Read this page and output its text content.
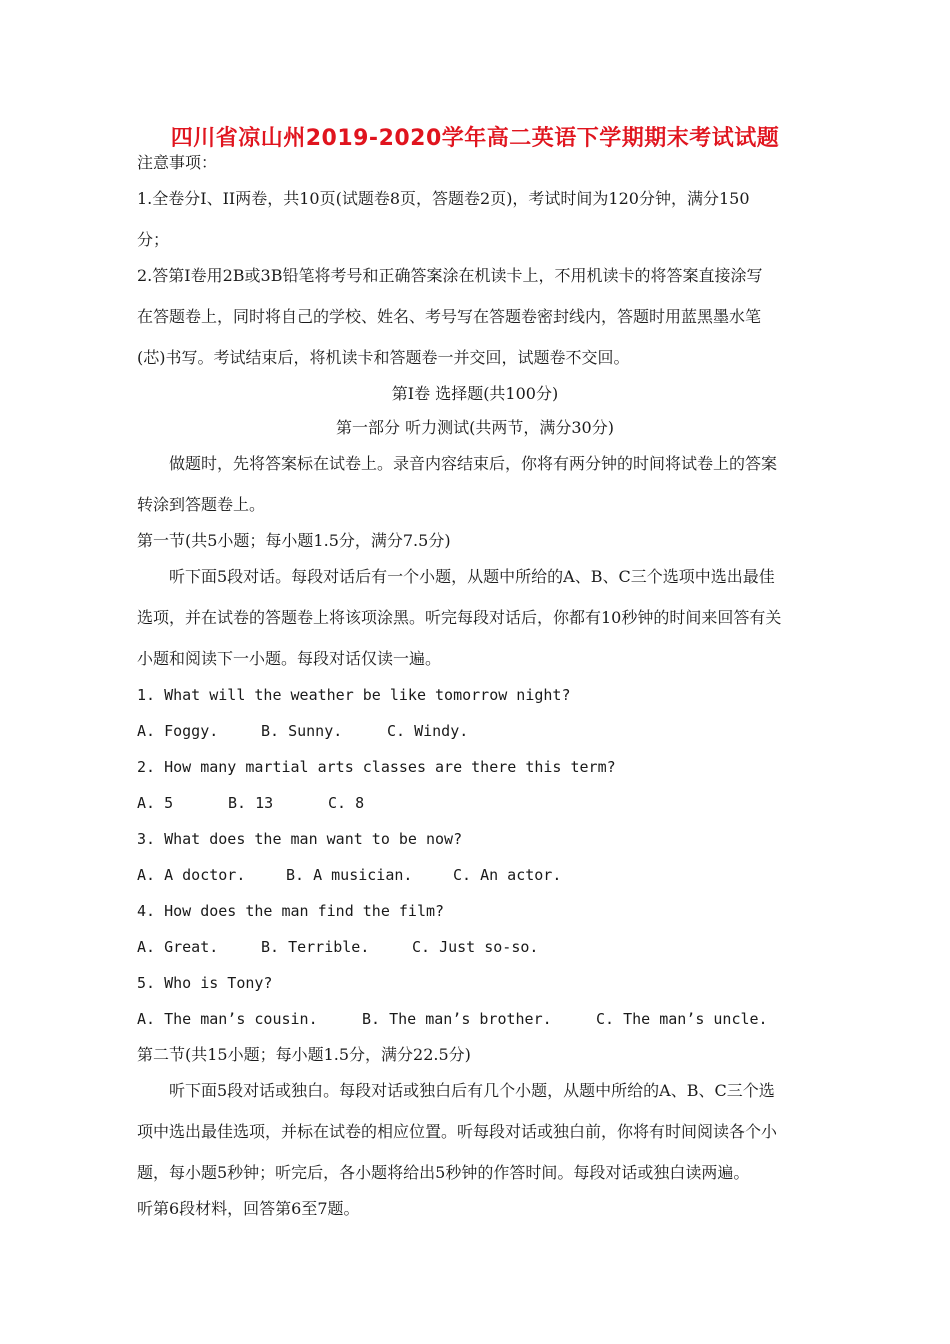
四川省凉山州2019-2020学年高二英语下学期期末考试试题
注意事项：
1.全卷分Ⅰ、II两卷，共10页(试题卷8页，答题卷2页)，考试时间为120分钟，满分150
分；
2.答第Ⅰ卷用2B或3B铅笔将考号和正确答案涂在机读卡上，不用机读卡的将答案直接涂写
在答题卷上，同时将自己的学校、姓名、考号写在答题卷密封线内，答题时用蓝黑墨水笔
(芯)书写。考试结束后，将机读卡和答题卷一并交回，试题卷不交回。
第Ⅰ卷 选择题(共100分)
第一部分 听力测试(共两节，满分30分)
做题时，先将答案标在试卷上。录音内容结束后，你将有两分钟的时间将试卷上的答案
转涂到答题卷上。
第一节(共5小题；每小题1.5分，满分7.5分)
听下面5段对话。每段对话后有一个小题，从题中所给的A、B、C三个选项中选出最佳
选项，并在试卷的答题卷上将该项涂黑。听完每段对话后，你都有10秒钟的时间来回答有关
小题和阅读下一小题。每段对话仅读一遍。
1. What will the weather be like tomorrow night?
A. Foggy.	B. Sunny.	C. Windy.
2. How many martial arts classes are there this term?
A. 5	B. 13	C. 8
3. What does the man want to be now?
A. A doctor.	B. A musician.	C. An actor.
4. How does the man find the film?
A. Great.	B. Terrible.	C. Just so-so.
5. Who is Tony?
A. The man’s cousin.	B. The man’s brother.	C. The man’s uncle.
第二节(共15小题；每小题1.5分，满分22.5分)
听下面5段对话或独白。每段对话或独白后有几个小题，从题中所给的A、B、C三个选
项中选出最佳选项，并标在试卷的相应位置。听每段对话或独白前，你将有时间阅读各个小
题，每小题5秒钟；听完后，各小题将给出5秒钟的作答时间。每段对话或独白读两遍。
听第6段材料，回答第6至7题。
